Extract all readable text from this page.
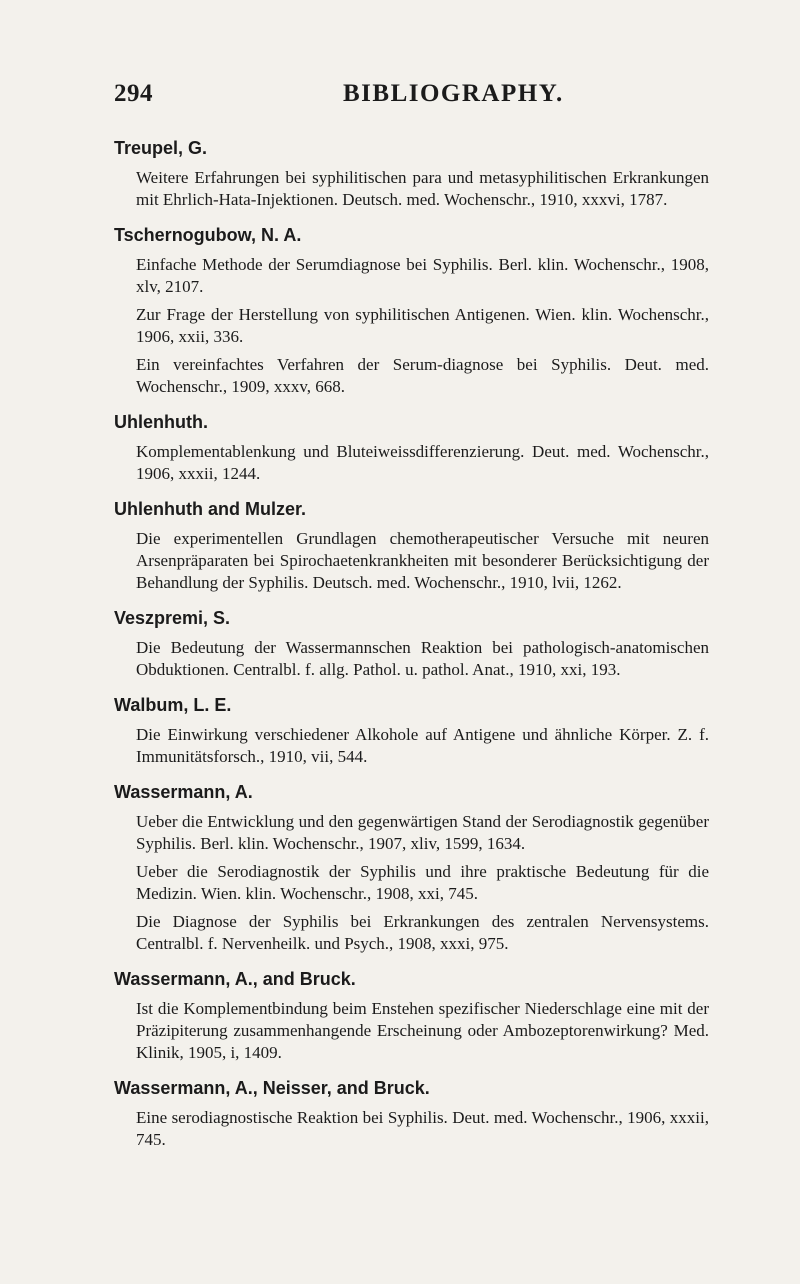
294	BIBLIOGRAPHY.
Treupel, G.

Weitere Erfahrungen bei syphilitischen para und metasyphilitischen Erkrankungen mit Ehrlich-Hata-Injektionen. Deutsch. med. Wochenschr., 1910, xxxvi, 1787.

Tschernogubow, N. A.

Einfache Methode der Serumdiagnose bei Syphilis. Berl. klin. Wochenschr., 1908, xlv, 2107.

Zur Frage der Herstellung von syphilitischen Antigenen. Wien. klin. Wochenschr., 1906, xxii, 336.

Ein vereinfachtes Verfahren der Serum-diagnose bei Syphilis. Deut. med. Wochenschr., 1909, xxxv, 668.

Uhlenhuth.

Komplementablenkung und Bluteiweissdifferenzierung. Deut. med. Wochenschr., 1906, xxxii, 1244.

Uhlenhuth and Mulzer.

Die experimentellen Grundlagen chemotherapeutischer Versuche mit neuren Arsenpräparaten bei Spirochaetenkrankheiten mit besonderer Berücksichtigung der Behandlung der Syphilis. Deutsch. med. Wochenschr., 1910, lvii, 1262.

Veszpremi, S.

Die Bedeutung der Wassermannschen Reaktion bei pathologisch-anatomischen Obduktionen. Centralbl. f. allg. Pathol. u. pathol. Anat., 1910, xxi, 193.

Walbum, L. E.

Die Einwirkung verschiedener Alkohole auf Antigene und ähnliche Körper. Z. f. Immunitätsforsch., 1910, vii, 544.

Wassermann, A.

Ueber die Entwicklung und den gegenwärtigen Stand der Serodiagnostik gegenüber Syphilis. Berl. klin. Wochenschr., 1907, xliv, 1599, 1634.

Ueber die Serodiagnostik der Syphilis und ihre praktische Bedeutung für die Medizin. Wien. klin. Wochenschr., 1908, xxi, 745.

Die Diagnose der Syphilis bei Erkrankungen des zentralen Nervensystems. Centralbl. f. Nervenheilk. und Psych., 1908, xxxi, 975.

Wassermann, A., and Bruck.

Ist die Komplementbindung beim Enstehen spezifischer Niederschlage eine mit der Präzipiterung zusammenhangende Erscheinung oder Ambozeptorenwirkung? Med. Klinik, 1905, i, 1409.

Wassermann, A., Neisser, and Bruck.

Eine serodiagnostische Reaktion bei Syphilis. Deut. med. Wochenschr., 1906, xxxii, 745.
